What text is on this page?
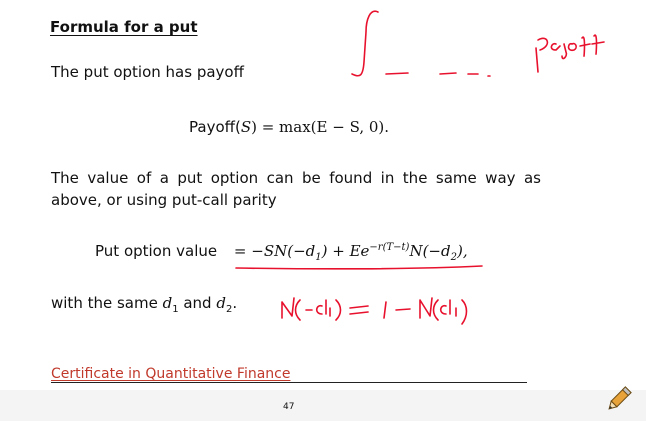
Formula for a put
The put option has payoff
Payoff(S) = max(E − S, 0).
The value of a put option can be found in the same way as above, or using put-call parity
Put option value = $-SN(-d_1) + Ee^{-r(T-t)}N(-d_2)$,
with the same $d_1$ and $d_2$.
Certificate in Quantitative Finance
47
